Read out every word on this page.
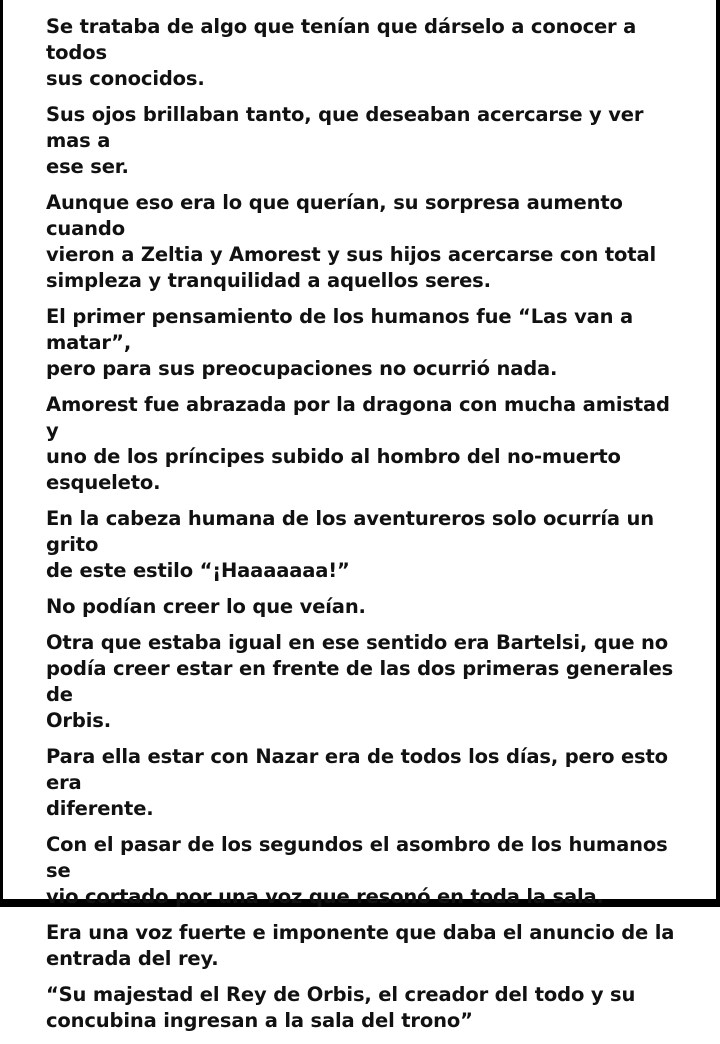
Se trataba de algo que tenían que dárselo a conocer a todos
sus conocidos.

Sus ojos brillaban tanto, que deseaban acercarse y ver mas a
ese ser.

Aunque eso era lo que querían, su sorpresa aumento cuando
vieron a Zeltia y Amorest y sus hijos acercarse con total
simpleza y tranquilidad a aquellos seres.

El primer pensamiento de los humanos fue “Las van a matar”,
pero para sus preocupaciones no ocurrió nada.

Amorest fue abrazada por la dragona con mucha amistad y
uno de los príncipes subido al hombro del no-muerto
esqueleto.

En la cabeza humana de los aventureros solo ocurría un grito
de este estilo “¡Haaaaaaa!”

No podían creer lo que veían.

Otra que estaba igual en ese sentido era Bartelsi, que no
podía creer estar en frente de las dos primeras generales de
Orbis.

Para ella estar con Nazar era de todos los días, pero esto era
diferente.

Con el pasar de los segundos el asombro de los humanos se
vio cortado por una voz que resonó en toda la sala.

Era una voz fuerte e imponente que daba el anuncio de la
entrada del rey.

“Su majestad el Rey de Orbis, el creador del todo y su
concubina ingresan a la sala del trono”
